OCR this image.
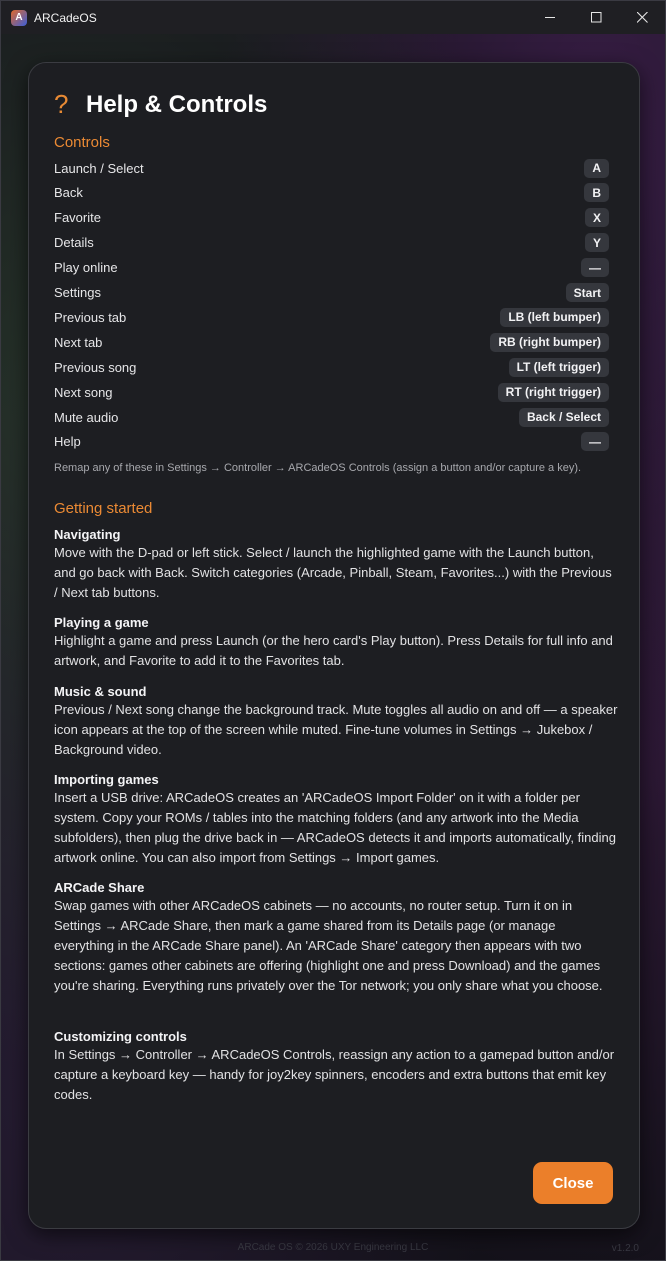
A ARCadeOS
ARCade OS © 2026 UXY Engineering LLC	v1.2.0
? Help & Controls
Controls
Launch / Select	A
Back	B
Favorite	X
Details	Y
Play online	—
Settings	Start
Previous tab	LB (left bumper)
Next tab	RB (right bumper)
Previous song	LT (left trigger)
Next song	RT (right trigger)
Mute audio	Back / Select
Help	—
Remap any of these in Settings → Controller → ARCadeOS Controls (assign a button and/or capture a key).
Getting started
Navigating
Move with the D-pad or left stick. Select / launch the highlighted game with the Launch button, and go back with Back. Switch categories (Arcade, Pinball, Steam, Favorites...) with the Previous / Next tab buttons.
Playing a game
Highlight a game and press Launch (or the hero card's Play button). Press Details for full info and artwork, and Favorite to add it to the Favorites tab.
Music & sound
Previous / Next song change the background track. Mute toggles all audio on and off — a speaker icon appears at the top of the screen while muted. Fine-tune volumes in Settings → Jukebox / Background video.
Importing games
Insert a USB drive: ARCadeOS creates an 'ARCadeOS Import Folder' on it with a folder per system. Copy your ROMs / tables into the matching folders (and any artwork into the Media subfolders), then plug the drive back in — ARCadeOS detects it and imports automatically, finding artwork online. You can also import from Settings → Import games.
ARCade Share
Swap games with other ARCadeOS cabinets — no accounts, no router setup. Turn it on in Settings → ARCade Share, then mark a game shared from its Details page (or manage everything in the ARCade Share panel). An 'ARCade Share' category then appears with two sections: games other cabinets are offering (highlight one and press Download) and the games you're sharing. Everything runs privately over the Tor network; you only share what you choose.
Customizing controls
In Settings → Controller → ARCadeOS Controls, reassign any action to a gamepad button and/or capture a keyboard key — handy for joy2key spinners, encoders and extra buttons that emit key codes.
Close
